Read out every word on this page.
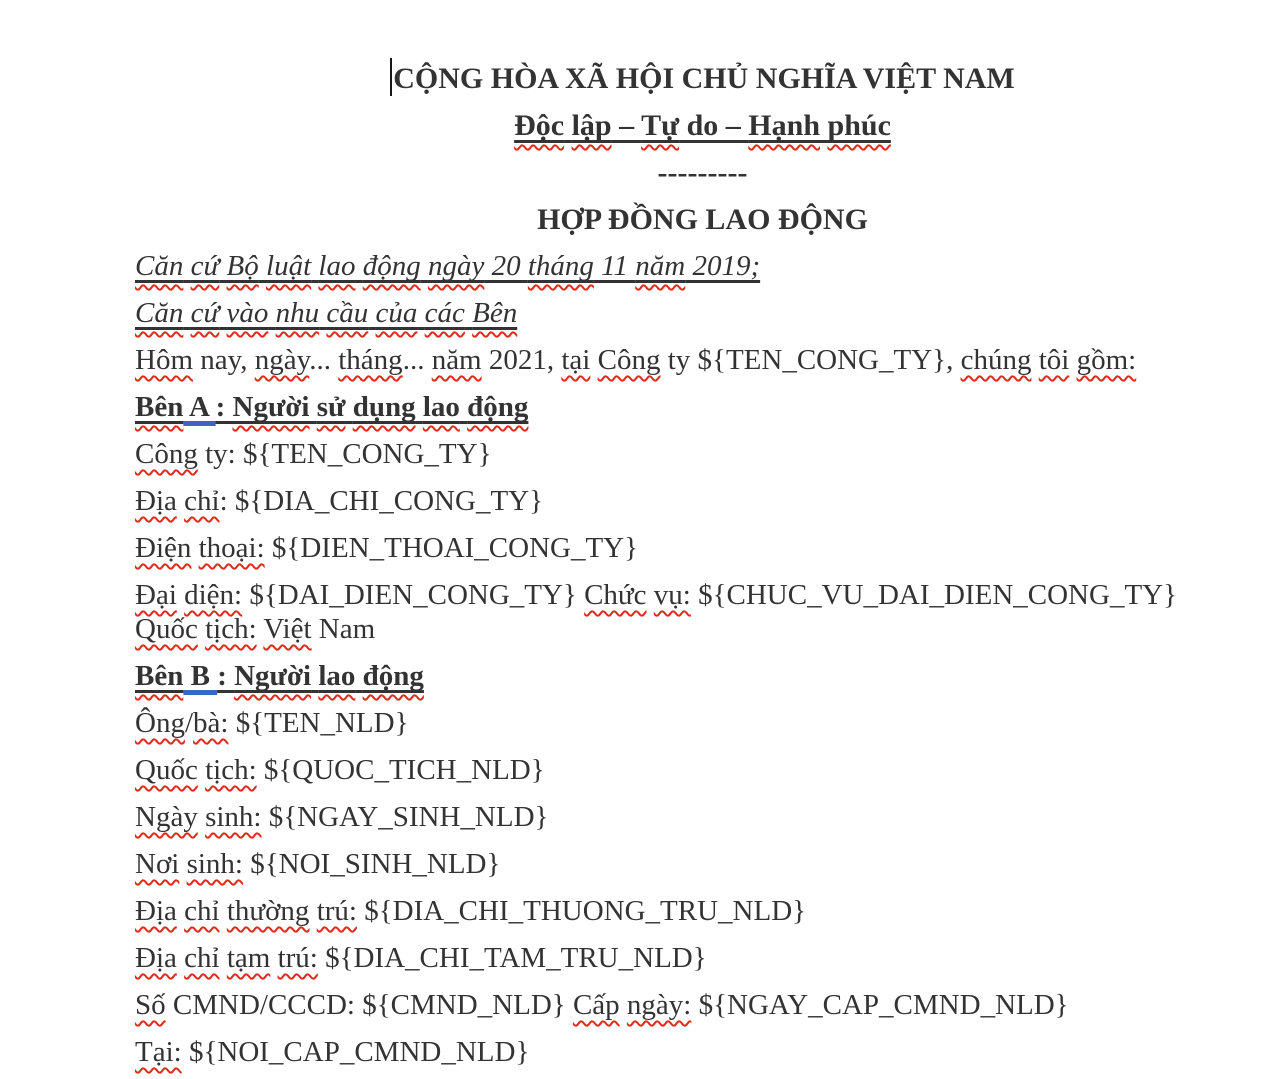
CỘNG HÒA XÃ HỘI CHỦ NGHĨA VIỆT NAM
Độc lập – Tự do – Hạnh phúc
---------
HỢP ĐỒNG LAO ĐỘNG
Căn cứ Bộ luật lao động ngày 20 tháng 11 năm 2019;
Căn cứ vào nhu cầu của các Bên
Hôm nay, ngày... tháng... năm 2021, tại Công ty ${TEN_CONG_TY}, chúng tôi gồm:
Bên A : Người sử dụng lao động
Công ty: ${TEN_CONG_TY}
Địa chỉ: ${DIA_CHI_CONG_TY}
Điện thoại: ${DIEN_THOAI_CONG_TY}
Đại diện: ${DAI_DIEN_CONG_TY} Chức vụ: ${CHUC_VU_DAI_DIEN_CONG_TY}
Quốc tịch: Việt Nam
Bên B : Người lao động
Ông/bà: ${TEN_NLD}
Quốc tịch: ${QUOC_TICH_NLD}
Ngày sinh: ${NGAY_SINH_NLD}
Nơi sinh: ${NOI_SINH_NLD}
Địa chỉ thường trú: ${DIA_CHI_THUONG_TRU_NLD}
Địa chỉ tạm trú: ${DIA_CHI_TAM_TRU_NLD}
Số CMND/CCCD: ${CMND_NLD} Cấp ngày: ${NGAY_CAP_CMND_NLD}
Tại: ${NOI_CAP_CMND_NLD}
